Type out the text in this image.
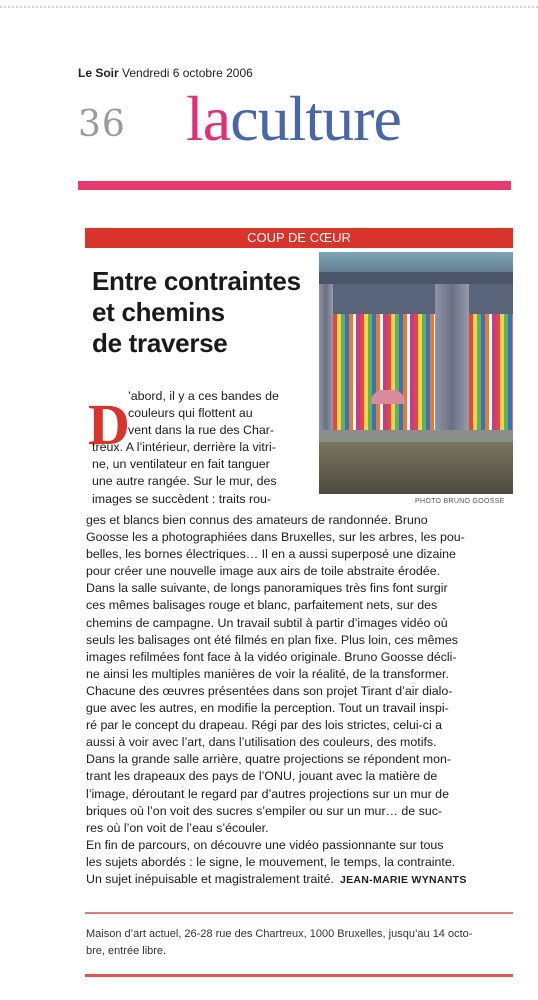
Le Soir Vendredi 6 octobre 2006
36 laculture
COUP DE CŒUR
Entre contraintes
et chemins
de traverse
PHOTO BRUNO GOOSSE
D
’abord, il y a ces bandes de
couleurs qui flottent au
vent dans la rue des Char-
treux. A l’intérieur, derrière la vitri-
ne, un ventilateur en fait tanguer
une autre rangée. Sur le mur, des
images se succèdent : traits rou-
ges et blancs bien connus des amateurs de randonnée. Bruno
Goosse les a photographiées dans Bruxelles, sur les arbres, les pou-
belles, les bornes électriques… Il en a aussi superposé une dizaine
pour créer une nouvelle image aux airs de toile abstraite érodée.
Dans la salle suivante, de longs panoramiques très fins font surgir
ces mêmes balisages rouge et blanc, parfaitement nets, sur des
chemins de campagne. Un travail subtil à partir d’images vidéo où
seuls les balisages ont été filmés en plan fixe. Plus loin, ces mêmes
images refilmées font face à la vidéo originale. Bruno Goosse décli-
ne ainsi les multiples manières de voir la réalité, de la transformer.
Chacune des œuvres présentées dans son projet Tirant d’air dialo-
gue avec les autres, en modifie la perception. Tout un travail inspi-
ré par le concept du drapeau. Régi par des lois strictes, celui-ci a
aussi à voir avec l’art, dans l’utilisation des couleurs, des motifs.
Dans la grande salle arrière, quatre projections se répondent mon-
trant les drapeaux des pays de l’ONU, jouant avec la matière de
l’image, déroutant le regard par d’autres projections sur un mur de
briques où l’on voit des sucres s’empiler ou sur un mur… de suc-
res où l’on voit de l’eau s’écouler.
En fin de parcours, on découvre une vidéo passionnante sur tous
les sujets abordés : le signe, le mouvement, le temps, la contrainte.
Un sujet inépuisable et magistralement traité. JEAN-MARIE WYNANTS
Maison d’art actuel, 26-28 rue des Chartreux, 1000 Bruxelles, jusqu’au 14 octo-
bre, entrée libre.
